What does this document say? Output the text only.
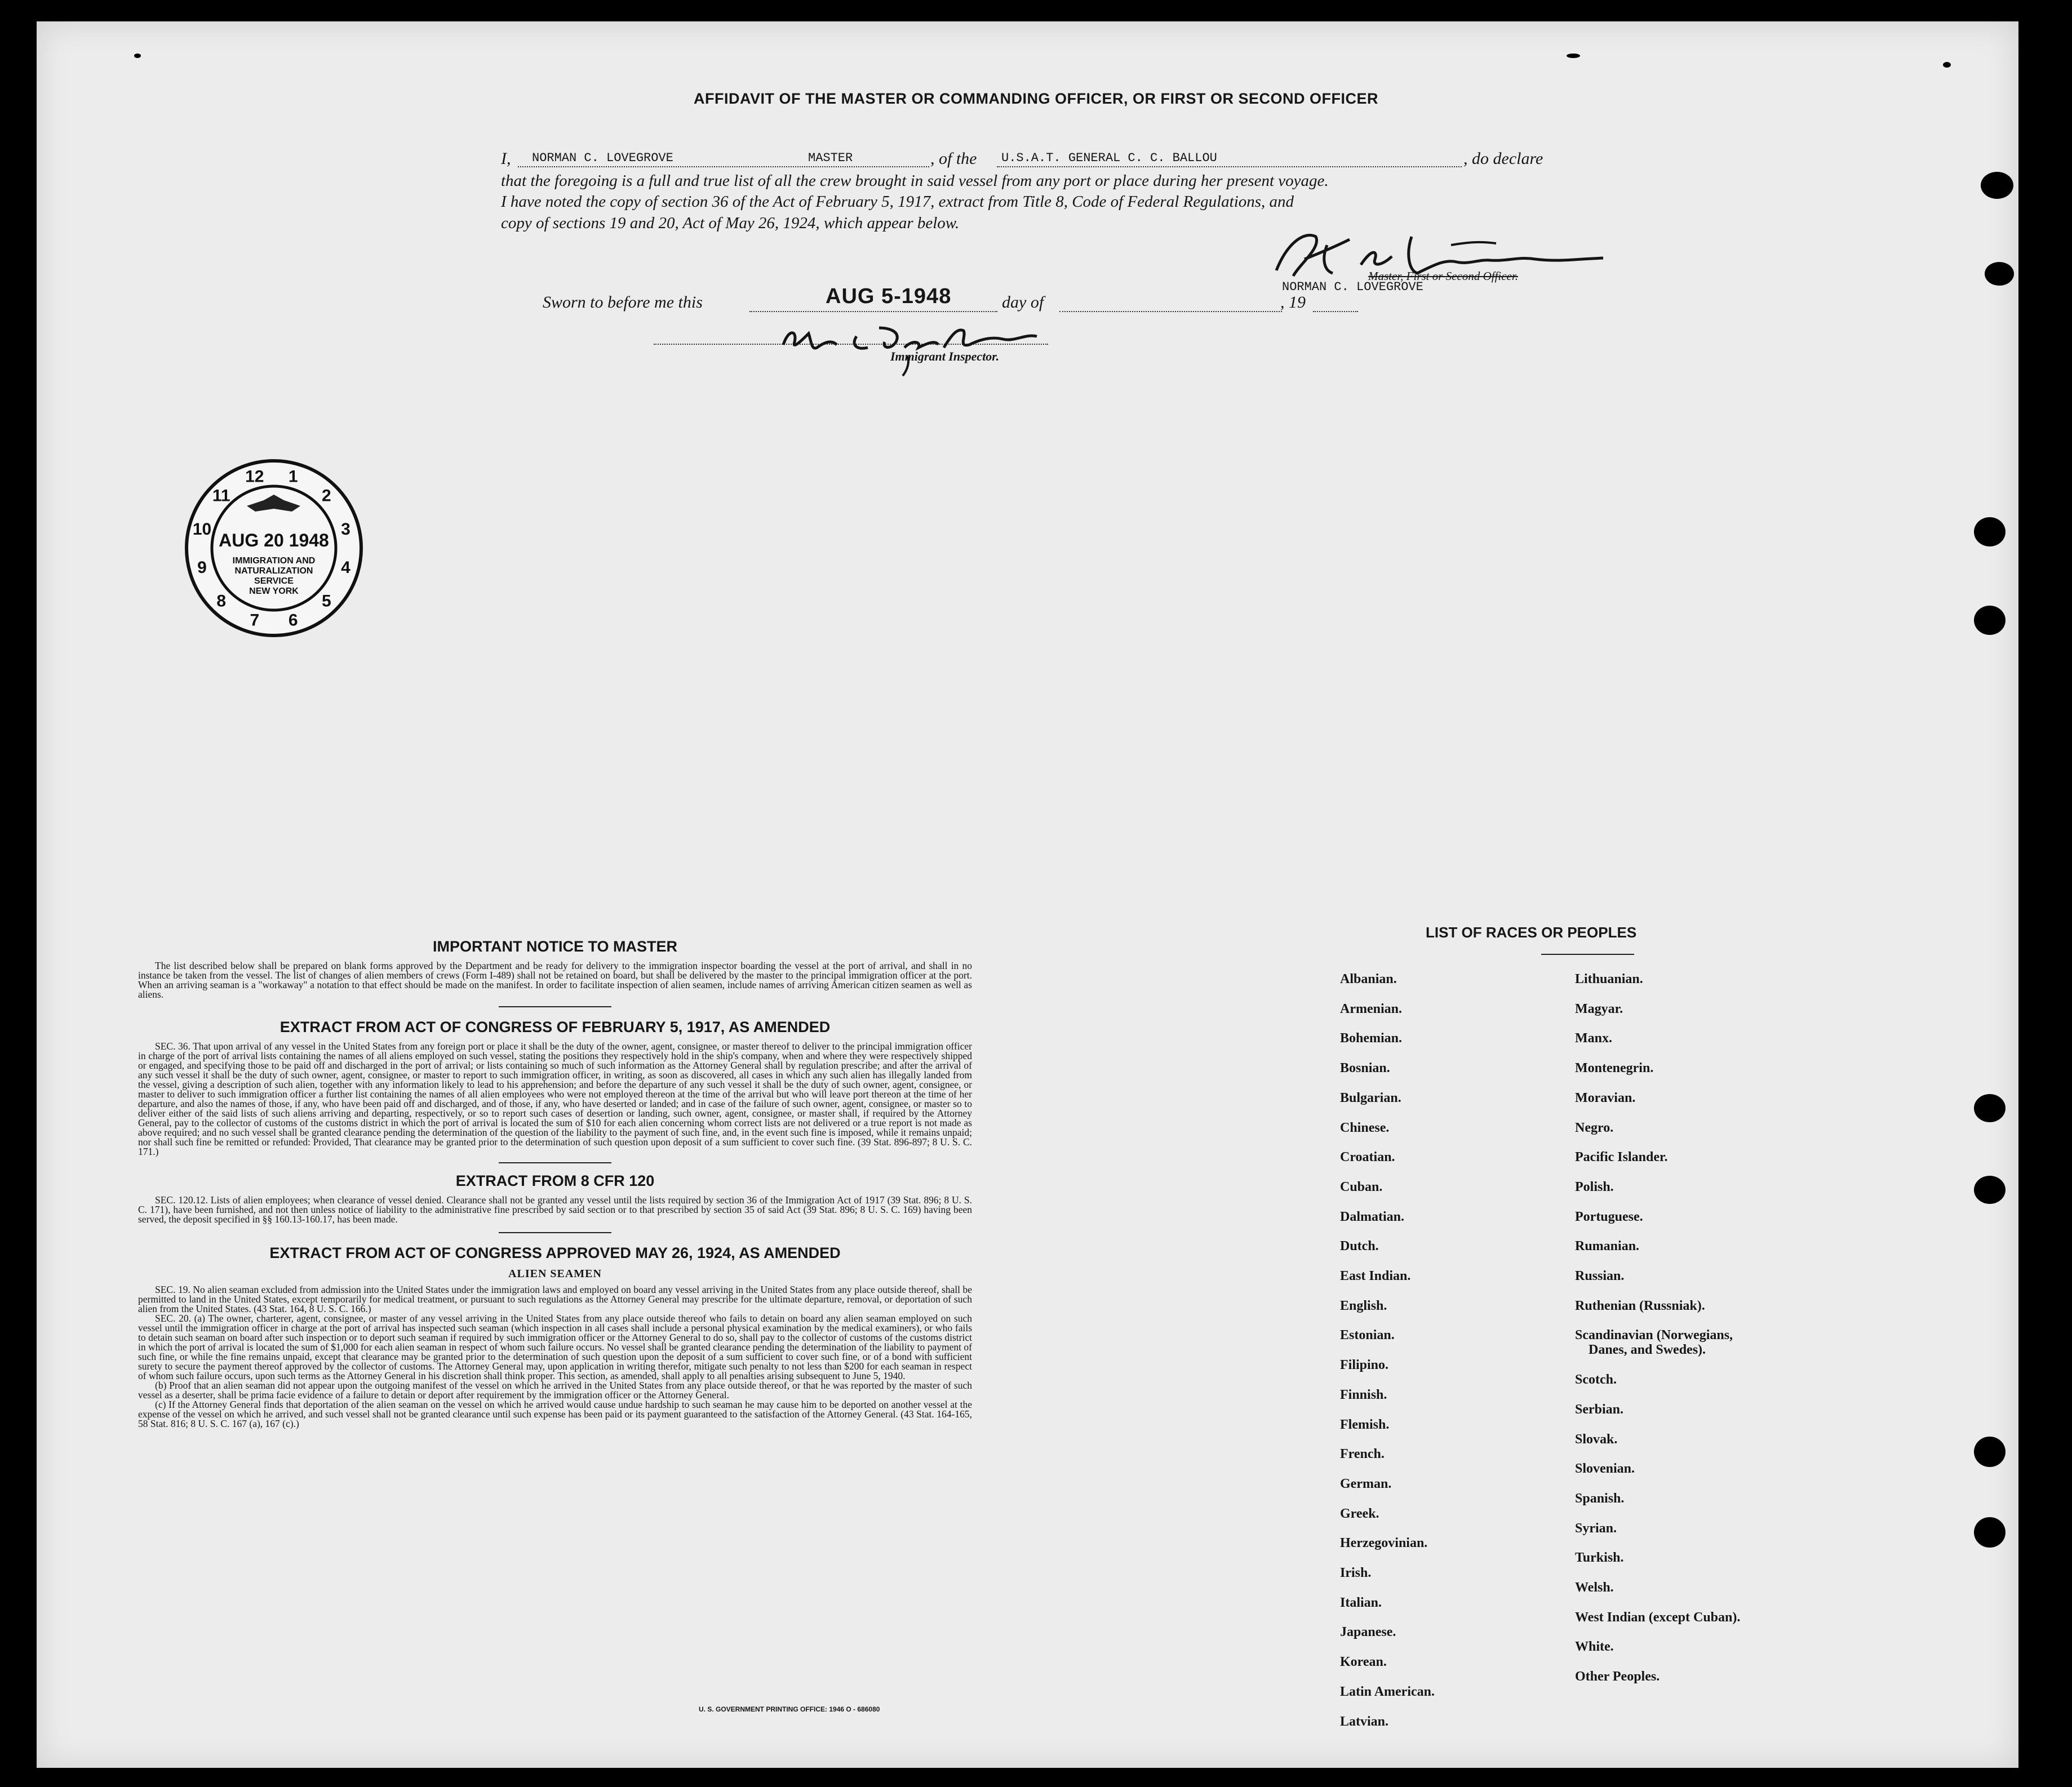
AFFIDAVIT OF THE MASTER OR COMMANDING OFFICER, OR FIRST OR SECOND OFFICER
I, NORMAN C. LOVEGROVE	MASTER	, of the U.S.A.T. GENERAL C. C. BALLOU	, do declare
that the foregoing is a full and true list of all the crew brought in said vessel from any port or place during her present voyage.
I have noted the copy of section 36 of the Act of February 5, 1917, extract from Title 8, Code of Federal Regulations, and
copy of sections 19 and 20, Act of May 26, 1924, which appear below.
Master, First or Second Officer.
NORMAN C. LOVEGROVE
Sworn to before me this	AUG 5-1948	day of	, 19
Immigrant Inspector.
1
2
3
4
5
6
7
8
9
10
11
12
AUG 20 1948
IMMIGRATION AND
NATURALIZATION
SERVICE
NEW YORK
IMPORTANT NOTICE TO MASTER

The list described below shall be prepared on blank forms approved by the Department and be ready for delivery to the immigration inspector boarding the vessel at the port of arrival, and shall in no instance be taken from the vessel. The list of changes of alien members of crews (Form I-489) shall not be retained on board, but shall be delivered by the master to the principal immigration officer at the port. When an arriving seaman is a "workaway" a notation to that effect should be made on the manifest. In order to facilitate inspection of alien seamen, include names of arriving American citizen seamen as well as aliens.

EXTRACT FROM ACT OF CONGRESS OF FEBRUARY 5, 1917, AS AMENDED

SEC. 36. That upon arrival of any vessel in the United States from any foreign port or place it shall be the duty of the owner, agent, consignee, or master thereof to deliver to the principal immigration officer in charge of the port of arrival lists containing the names of all aliens employed on such vessel, stating the positions they respectively hold in the ship's company, when and where they were respectively shipped or engaged, and specifying those to be paid off and discharged in the port of arrival; or lists containing so much of such information as the Attorney General shall by regulation prescribe; and after the arrival of any such vessel it shall be the duty of such owner, agent, consignee, or master to report to such immigration officer, in writing, as soon as discovered, all cases in which any such alien has illegally landed from the vessel, giving a description of such alien, together with any information likely to lead to his apprehension; and before the departure of any such vessel it shall be the duty of such owner, agent, consignee, or master to deliver to such immigration officer a further list containing the names of all alien employees who were not employed thereon at the time of the arrival but who will leave port thereon at the time of her departure, and also the names of those, if any, who have been paid off and discharged, and of those, if any, who have deserted or landed; and in case of the failure of such owner, agent, consignee, or master so to deliver either of the said lists of such aliens arriving and departing, respectively, or so to report such cases of desertion or landing, such owner, agent, consignee, or master shall, if required by the Attorney General, pay to the collector of customs of the customs district in which the port of arrival is located the sum of $10 for each alien concerning whom correct lists are not delivered or a true report is not made as above required; and no such vessel shall be granted clearance pending the determination of the question of the liability to the payment of such fine, and, in the event such fine is imposed, while it remains unpaid; nor shall such fine be remitted or refunded: Provided, That clearance may be granted prior to the determination of such question upon deposit of a sum sufficient to cover such fine. (39 Stat. 896-897; 8 U. S. C. 171.)

EXTRACT FROM 8 CFR 120

SEC. 120.12. Lists of alien employees; when clearance of vessel denied. Clearance shall not be granted any vessel until the lists required by section 36 of the Immigration Act of 1917 (39 Stat. 896; 8 U. S. C. 171), have been furnished, and not then unless notice of liability to the administrative fine prescribed by said section or to that prescribed by section 35 of said Act (39 Stat. 896; 8 U. S. C. 169) having been served, the deposit specified in §§ 160.13-160.17, has been made.

EXTRACT FROM ACT OF CONGRESS APPROVED MAY 26, 1924, AS AMENDED
ALIEN SEAMEN

SEC. 19. No alien seaman excluded from admission into the United States under the immigration laws and employed on board any vessel arriving in the United States from any place outside thereof, shall be permitted to land in the United States, except temporarily for medical treatment, or pursuant to such regulations as the Attorney General may prescribe for the ultimate departure, removal, or deportation of such alien from the United States. (43 Stat. 164, 8 U. S. C. 166.)

SEC. 20. (a) The owner, charterer, agent, consignee, or master of any vessel arriving in the United States from any place outside thereof who fails to detain on board any alien seaman employed on such vessel until the immigration officer in charge at the port of arrival has inspected such seaman (which inspection in all cases shall include a personal physical examination by the medical examiners), or who fails to detain such seaman on board after such inspection or to deport such seaman if required by such immigration officer or the Attorney General to do so, shall pay to the collector of customs of the customs district in which the port of arrival is located the sum of $1,000 for each alien seaman in respect of whom such failure occurs. No vessel shall be granted clearance pending the determination of the liability to payment of such fine, or while the fine remains unpaid, except that clearance may be granted prior to the determination of such question upon the deposit of a sum sufficient to cover such fine, or of a bond with sufficient surety to secure the payment thereof approved by the collector of customs. The Attorney General may, upon application in writing therefor, mitigate such penalty to not less than $200 for each seaman in respect of whom such failure occurs, upon such terms as the Attorney General in his discretion shall think proper. This section, as amended, shall apply to all penalties arising subsequent to June 5, 1940.

(b) Proof that an alien seaman did not appear upon the outgoing manifest of the vessel on which he arrived in the United States from any place outside thereof, or that he was reported by the master of such vessel as a deserter, shall be prima facie evidence of a failure to detain or deport after requirement by the immigration officer or the Attorney General.

(c) If the Attorney General finds that deportation of the alien seaman on the vessel on which he arrived would cause undue hardship to such seaman he may cause him to be deported on another vessel at the expense of the vessel on which he arrived, and such vessel shall not be granted clearance until such expense has been paid or its payment guaranteed to the satisfaction of the Attorney General. (43 Stat. 164-165, 58 Stat. 816; 8 U. S. C. 167 (a), 167 (c).)

U. S. GOVERNMENT PRINTING OFFICE: 1946 O - 686080
LIST OF RACES OR PEOPLES
Albanian.
Armenian.
Bohemian.
Bosnian.
Bulgarian.
Chinese.
Croatian.
Cuban.
Dalmatian.
Dutch.
East Indian.
English.
Estonian.
Filipino.
Finnish.
Flemish.
French.
German.
Greek.
Herzegovinian.
Irish.
Italian.
Japanese.
Korean.
Latin American.
Latvian.
Lithuanian.
Magyar.
Manx.
Montenegrin.
Moravian.
Negro.
Pacific Islander.
Polish.
Portuguese.
Rumanian.
Russian.
Ruthenian (Russniak).
Scandinavian (Norwegians,
Danes, and Swedes).
Scotch.
Serbian.
Slovak.
Slovenian.
Spanish.
Syrian.
Turkish.
Welsh.
West Indian (except Cuban).
White.
Other Peoples.
